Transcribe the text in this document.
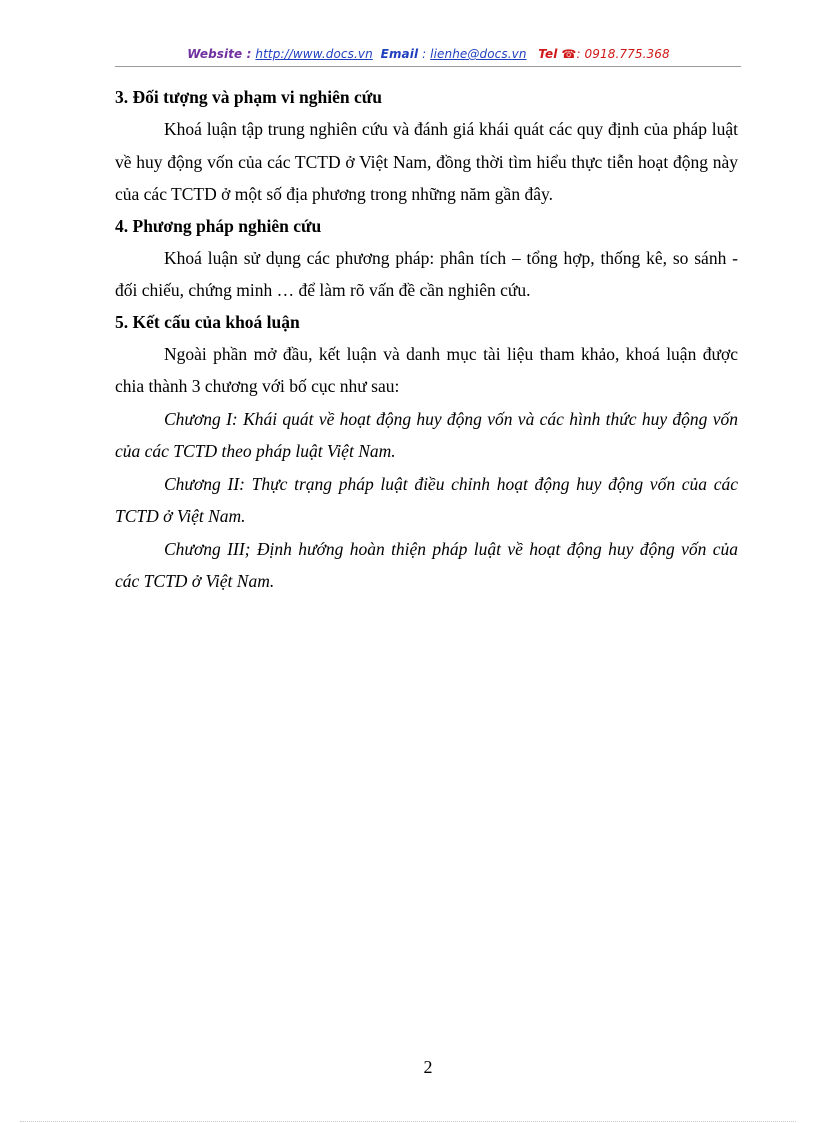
Website : http://www.docs.vn Email : lienhe@docs.vn Tel ☎: 0918.775.368
3. Đối tượng và phạm vi nghiên cứu

Khoá luận tập trung nghiên cứu và đánh giá khái quát các quy định của pháp luật về huy động vốn của các TCTD ở Việt Nam, đồng thời tìm hiểu thực tiễn hoạt động này của các TCTD ở một số địa phương trong những năm gần đây.

4. Phương pháp nghiên cứu

Khoá luận sử dụng các phương pháp: phân tích – tổng hợp, thống kê, so sánh - đối chiếu, chứng minh … để làm rõ vấn đề cần nghiên cứu.

5. Kết cấu của khoá luận

Ngoài phần mở đầu, kết luận và danh mục tài liệu tham khảo, khoá luận được chia thành 3 chương với bố cục như sau:

Chương I: Khái quát về hoạt động huy động vốn và các hình thức huy động vốn của các TCTD theo pháp luật Việt Nam.

Chương II: Thực trạng pháp luật điều chỉnh hoạt động huy động vốn của các TCTD ở Việt Nam.

Chương III; Định hướng hoàn thiện pháp luật về hoạt động huy động vốn của các TCTD ở Việt Nam.

2
